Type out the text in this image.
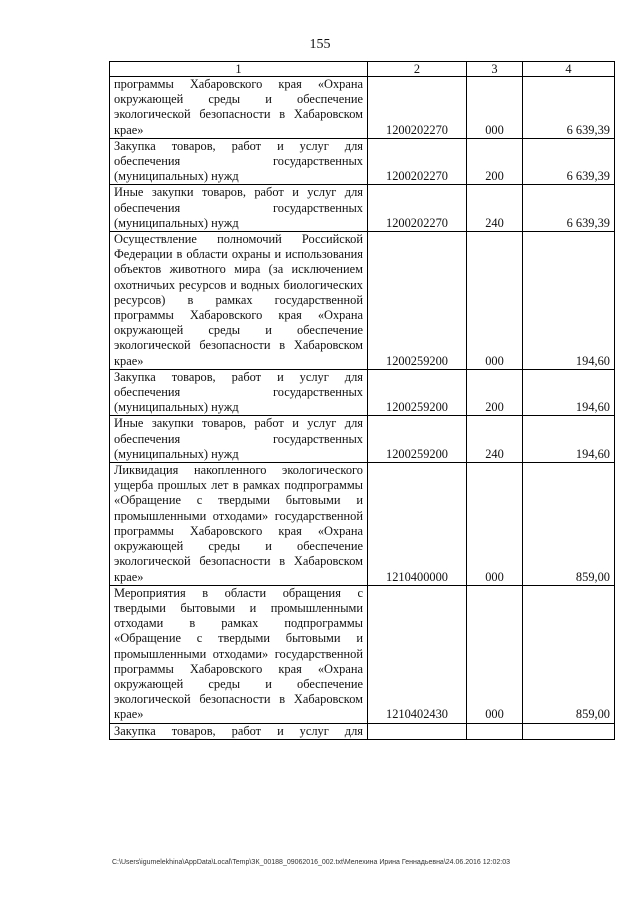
155
1	2	3	4
программы Хабаровского края «Охрана окружающей среды и обеспечение экологической безопасности в Хабаровском крае»	1200202270	000	6 639,39
Закупка товаров, работ и услуг для обеспечения государственных (муниципальных) нужд	1200202270	200	6 639,39
Иные закупки товаров, работ и услуг для обеспечения государственных (муниципальных) нужд	1200202270	240	6 639,39
Осуществление полномочий Российской Федерации в области охраны и использования объектов животного мира (за исключением охотничьих ресурсов и водных биологических ресурсов) в рамках государственной программы Хабаровского края «Охрана окружающей среды и обеспечение экологической безопасности в Хабаровском крае»	1200259200	000	194,60
Закупка товаров, работ и услуг для обеспечения государственных (муниципальных) нужд	1200259200	200	194,60
Иные закупки товаров, работ и услуг для обеспечения государственных (муниципальных) нужд	1200259200	240	194,60
Ликвидация накопленного экологического ущерба прошлых лет в рамках подпрограммы «Обращение с твердыми бытовыми и промышленными отходами» государственной программы Хабаровского края «Охрана окружающей среды и обеспечение экологической безопасности в Хабаровском крае»	1210400000	000	859,00
Мероприятия в области обращения с твердыми бытовыми и промышленными отходами в рамках подпрограммы «Обращение с твердыми бытовыми и промышленными отходами» государственной программы Хабаровского края «Охрана окружающей среды и обеспечение экологической безопасности в Хабаровском крае»	1210402430	000	859,00
Закупка товаров, работ и услуг для			
C:\Users\igumelekhina\AppData\Local\Temp\ЗК_00188_09062016_002.txt\Мелехина Ирина Геннадьевна\24.06.2016 12:02:03
